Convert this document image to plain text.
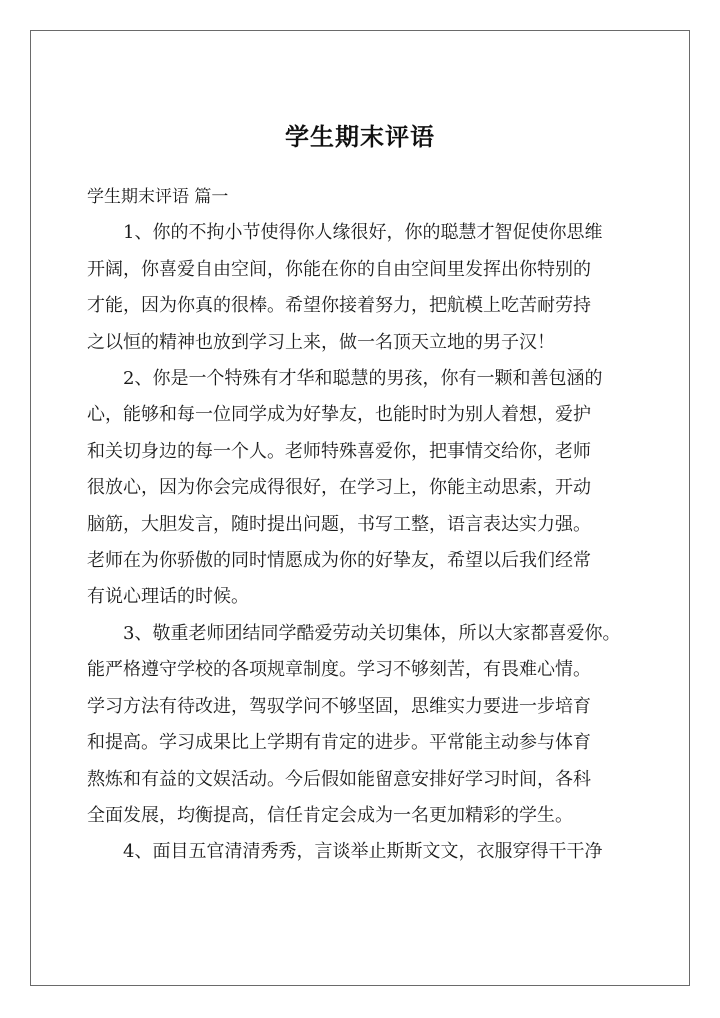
学生期末评语

学生期末评语 篇一

1、你的不拘小节使得你人缘很好，你的聪慧才智促使你思维
开阔，你喜爱自由空间，你能在你的自由空间里发挥出你特别的
才能，因为你真的很棒。希望你接着努力，把航模上吃苦耐劳持
之以恒的精神也放到学习上来，做一名顶天立地的男子汉！
2、你是一个特殊有才华和聪慧的男孩，你有一颗和善包涵的
心，能够和每一位同学成为好挚友，也能时时为别人着想，爱护
和关切身边的每一个人。老师特殊喜爱你，把事情交给你，老师
很放心，因为你会完成得很好，在学习上，你能主动思索，开动
脑筋，大胆发言，随时提出问题，书写工整，语言表达实力强。
老师在为你骄傲的同时情愿成为你的好挚友，希望以后我们经常
有说心理话的时候。
3、敬重老师团结同学酷爱劳动关切集体，所以大家都喜爱你。
能严格遵守学校的各项规章制度。学习不够刻苦，有畏难心情。
学习方法有待改进，驾驭学问不够坚固，思维实力要进一步培育
和提高。学习成果比上学期有肯定的进步。平常能主动参与体育
熬炼和有益的文娱活动。今后假如能留意安排好学习时间，各科
全面发展，均衡提高，信任肯定会成为一名更加精彩的学生。
4、面目五官清清秀秀，言谈举止斯斯文文，衣服穿得干干净
